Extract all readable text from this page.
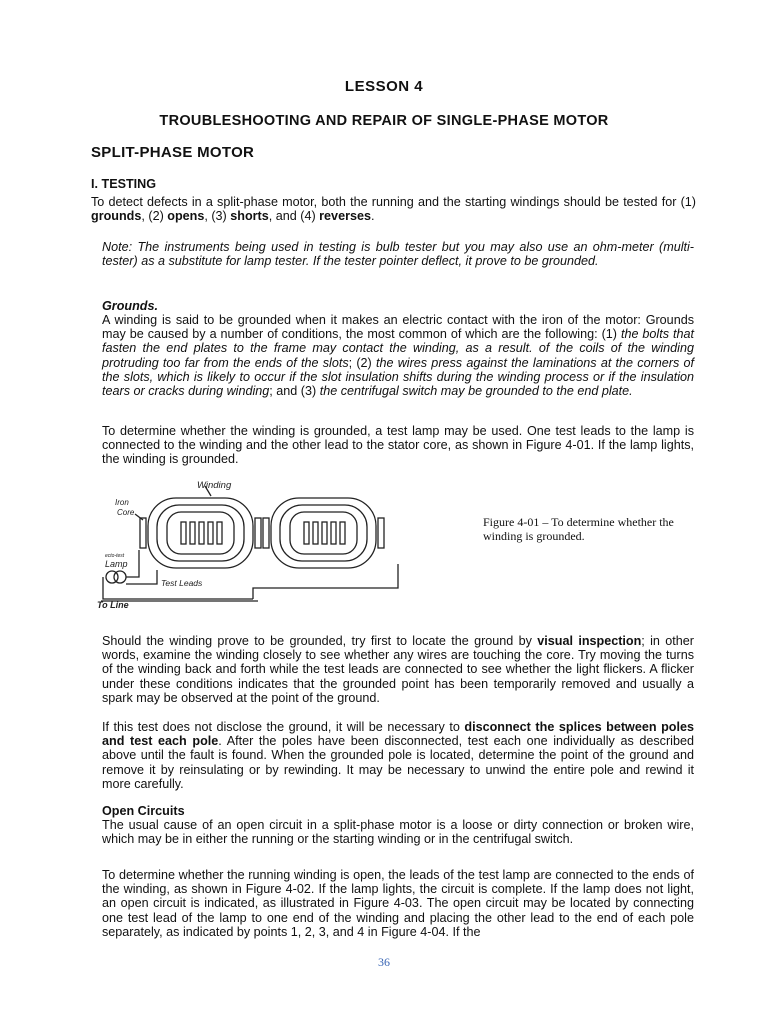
LESSON 4
TROUBLESHOOTING AND REPAIR OF SINGLE-PHASE MOTOR
SPLIT-PHASE MOTOR
I. TESTING
To detect defects in a split-phase motor, both the running and the starting windings should be tested for (1) grounds, (2) opens, (3) shorts, and (4) reverses.
Note: The instruments being used in testing is bulb tester but you may also use an ohm-meter (multi-tester) as a substitute for lamp tester. If the tester pointer deflect, it prove to be grounded.
Grounds.
A winding is said to be grounded when it makes an electric contact with the iron of the motor: Grounds may be caused by a number of conditions, the most common of which are the following: (1) the bolts that fasten the end plates to the frame may contact the winding, as a result. of the coils of the winding protruding too far from the ends of the slots; (2) the wires press against the laminations at the corners of the slots, which is likely to occur if the slot insulation shifts during the winding process or if the insulation tears or cracks during winding; and (3) the centrifugal switch may be grounded to the end plate.
To determine whether the winding is grounded, a test lamp may be used. One test leads to the lamp is connected to the winding and the other lead to the stator core, as shown in Figure 4-01. If the lamp lights, the winding is grounded.
Winding
Iron
Core
ecto-test
Lamp
Test Leads
To Line
Figure 4-01 – To determine whether the winding is grounded.
Should the winding prove to be grounded, try first to locate the ground by visual inspection; in other words, examine the winding closely to see whether any wires are touching the core. Try moving the turns of the winding back and forth while the test leads are connected to see whether the light flickers. A flicker under these conditions indicates that the grounded point has been temporarily removed and usually a spark may be observed at the point of the ground.
If this test does not disclose the ground, it will be necessary to disconnect the splices between poles and test each pole. After the poles have been disconnected, test each one individually as described above until the fault is found. When the grounded pole is located, determine the point of the ground and remove it by reinsulating or by rewinding. It may be necessary to unwind the entire pole and rewind it more carefully.
Open Circuits
The usual cause of an open circuit in a split-phase motor is a loose or dirty connection or broken wire, which may be in either the running or the starting winding or in the centrifugal switch.
To determine whether the running winding is open, the leads of the test lamp are connected to the ends of the winding, as shown in Figure 4-02. If the lamp lights, the circuit is complete. If the lamp does not light, an open circuit is indicated, as illustrated in Figure 4-03. The open circuit may be located by connecting one test lead of the lamp to one end of the winding and placing the other lead to the end of each pole separately, as indicated by points 1, 2, 3, and 4 in Figure 4-04. If the
36
